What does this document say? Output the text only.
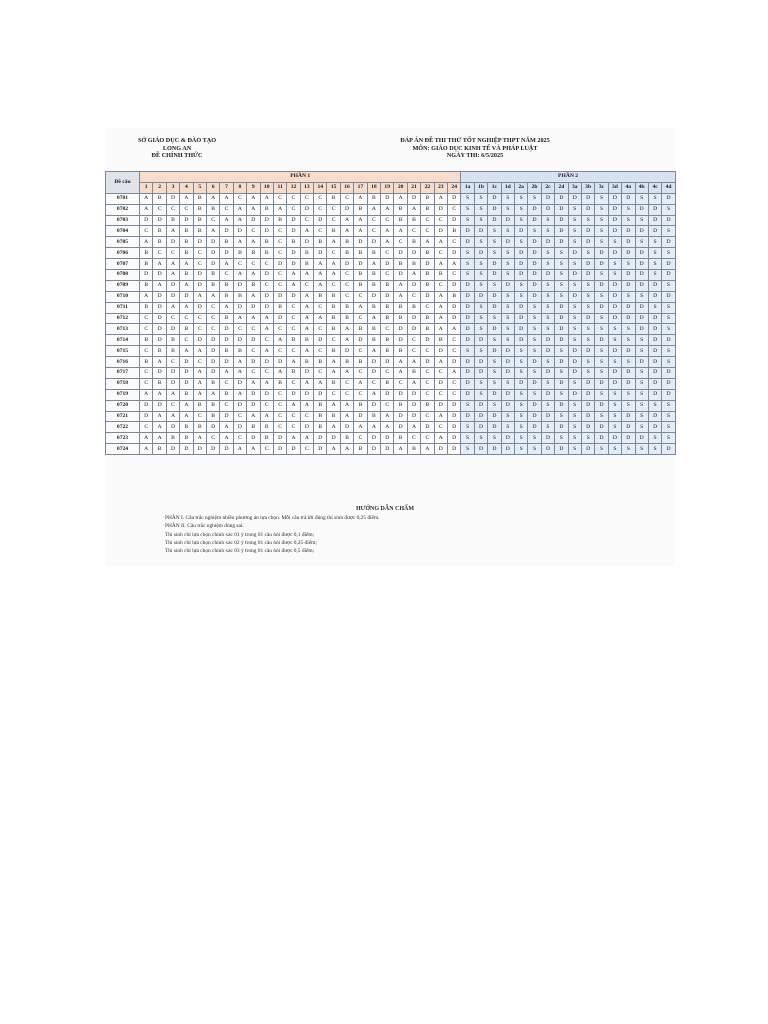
SỞ GIÁO DỤC & ĐÀO TẠO
LONG AN
ĐỀ CHÍNH THỨC
ĐÁP ÁN ĐỀ THI THỬ TỐT NGHIỆP THPT NĂM 2025
MÔN: GIÁO DỤC KINH TẾ VÀ PHÁP LUẬT
NGÀY THI: 6/5/2025
Đề câu	PHẦN 1																								PHẦN 2															
	1	2	3	4	5	6	7	8	9	10	11	12	13	14	15	16	17	18	19	20	21	22	23	24	1a	1b	1c	1d	2a	2b	2c	2d	3a	3b	3c	3d	4a	4b	4c	4d
0701	A	B	D	A	B	A	A	C	A	A	C	C	C	C	B	C	A	B	D	A	D	B	A	D	S	S	D	S	S	S	D	D	D	D	S	D	D	S	S	D
0702	A	C	C	C	B	B	C	A	A	B	A	C	D	C	C	D	B	A	A	B	A	B	D	C	S	S	D	S	S	D	D	D	S	D	S	D	S	D	D	S
0703	D	D	B	D	B	C	A	A	D	D	B	D	C	D	C	A	A	C	C	B	B	C	C	D	S	S	D	D	S	D	S	D	S	S	S	D	S	S	D	D
0704	C	B	A	B	B	A	D	D	C	D	C	D	A	C	B	A	A	C	A	A	C	C	D	B	D	D	S	S	D	S	S	D	S	D	S	D	D	D	D	S
0705	A	B	D	B	D	D	B	A	A	B	C	B	D	B	A	B	D	D	A	C	B	A	A	C	D	S	S	D	S	D	D	D	S	D	S	S	D	S	S	D
0706	B	C	C	B	C	D	D	B	B	B	C	D	B	D	C	B	B	B	C	D	D	B	C	D	S	D	S	S	D	D	S	S	D	S	D	D	D	D	S	S
0707	B	A	A	A	C	D	A	C	C	C	D	D	B	A	A	D	D	A	D	B	B	D	A	A	S	S	D	S	D	D	S	S	S	D	D	S	S	D	S	D
0708	D	D	A	B	D	B	C	A	A	D	C	A	A	A	A	C	B	B	C	D	A	B	B	C	S	S	D	S	D	D	D	S	D	D	S	S	D	D	S	D
0709	B	A	D	A	D	B	B	D	B	C	C	A	C	A	C	C	B	B	B	A	D	B	C	D	D	S	S	D	S	D	S	S	S	S	D	D	D	D	D	S
0710	A	D	D	D	A	A	B	B	A	D	D	D	A	B	B	C	C	D	D	A	C	D	A	B	D	D	D	S	S	D	S	S	D	S	S	D	S	S	D	D
0711	B	D	A	A	D	C	A	D	D	D	B	C	A	C	B	B	A	B	B	B	B	C	A	D	D	S	D	S	D	S	S	D	S	S	D	D	D	D	S	S
0712	C	D	C	C	C	C	B	A	A	A	D	C	A	A	B	B	C	A	B	B	D	B	A	D	D	S	S	S	D	S	S	D	S	D	S	D	D	D	D	S
0713	C	D	D	B	C	C	D	C	C	A	C	C	A	C	B	A	B	B	C	D	D	B	A	A	D	S	D	S	D	S	S	D	S	S	S	S	S	D	D	S
0714	B	D	B	C	D	D	D	D	D	C	A	B	B	D	C	A	D	B	B	D	C	D	B	C	D	D	S	S	D	S	D	D	S	S	D	S	S	S	D	D
0715	C	B	B	A	A	D	B	B	C	A	C	C	A	C	B	D	C	A	B	B	C	C	D	C	S	S	D	D	S	S	D	S	D	D	S	D	D	S	D	S
0716	B	A	C	D	C	D	D	A	D	D	D	A	B	B	A	B	B	D	D	A	A	D	A	D	D	D	S	D	S	D	S	D	D	S	S	S	S	D	D	S
0717	C	D	D	D	A	D	A	A	C	C	A	B	D	C	A	A	C	D	C	A	B	C	C	A	D	D	S	D	S	S	D	S	D	S	S	D	D	S	D	D
0718	C	B	D	D	A	B	C	D	A	A	B	C	A	A	B	C	A	C	B	C	A	C	D	C	D	S	S	S	D	D	S	D	S	D	D	D	D	S	D	D
0719	A	A	A	B	A	A	B	A	D	D	C	D	D	D	C	C	C	A	D	D	D	C	C	C	D	S	D	D	S	S	D	S	D	D	S	S	S	S	D	D
0720	D	D	C	A	B	B	C	D	D	C	C	A	A	B	A	A	B	D	C	B	D	B	D	D	S	D	S	D	S	D	S	D	S	D	D	S	S	S	S	S
0721	D	A	A	A	C	B	D	C	A	A	C	C	C	B	B	A	D	B	A	D	D	C	A	D	D	D	D	S	S	D	D	S	S	D	S	S	D	S	D	S
0722	C	A	D	B	B	D	A	D	B	B	C	C	D	B	A	D	A	A	A	D	A	D	C	D	S	D	D	S	S	D	S	D	S	D	D	S	D	S	D	S
0723	A	A	B	B	A	C	A	C	D	B	D	A	A	D	D	B	C	D	D	B	C	C	A	D	S	S	S	D	S	S	D	S	S	S	D	D	D	D	S	S
0724	A	B	D	D	D	D	D	A	A	C	D	D	C	D	A	A	B	D	D	A	B	A	D	D	S	D	D	D	S	S	D	D	S	D	S	S	S	S	S	D
HƯỚNG DẪN CHẤM
PHẦN I. Câu trắc nghiệm nhiều phương án lựa chọn. Mỗi câu trả lời đúng thí sinh được 0,25 điểm.
PHẦN II. Câu trắc nghiệm đúng sai.
Thí sinh chỉ lựa chọn chính xác 01 ý trong 01 câu hỏi được 0,1 điểm;
Thí sinh chỉ lựa chọn chính xác 02 ý trong 01 câu hỏi được 0,25 điểm;
Thí sinh chỉ lựa chọn chính xác 03 ý trong 01 câu hỏi được 0,5 điểm;
